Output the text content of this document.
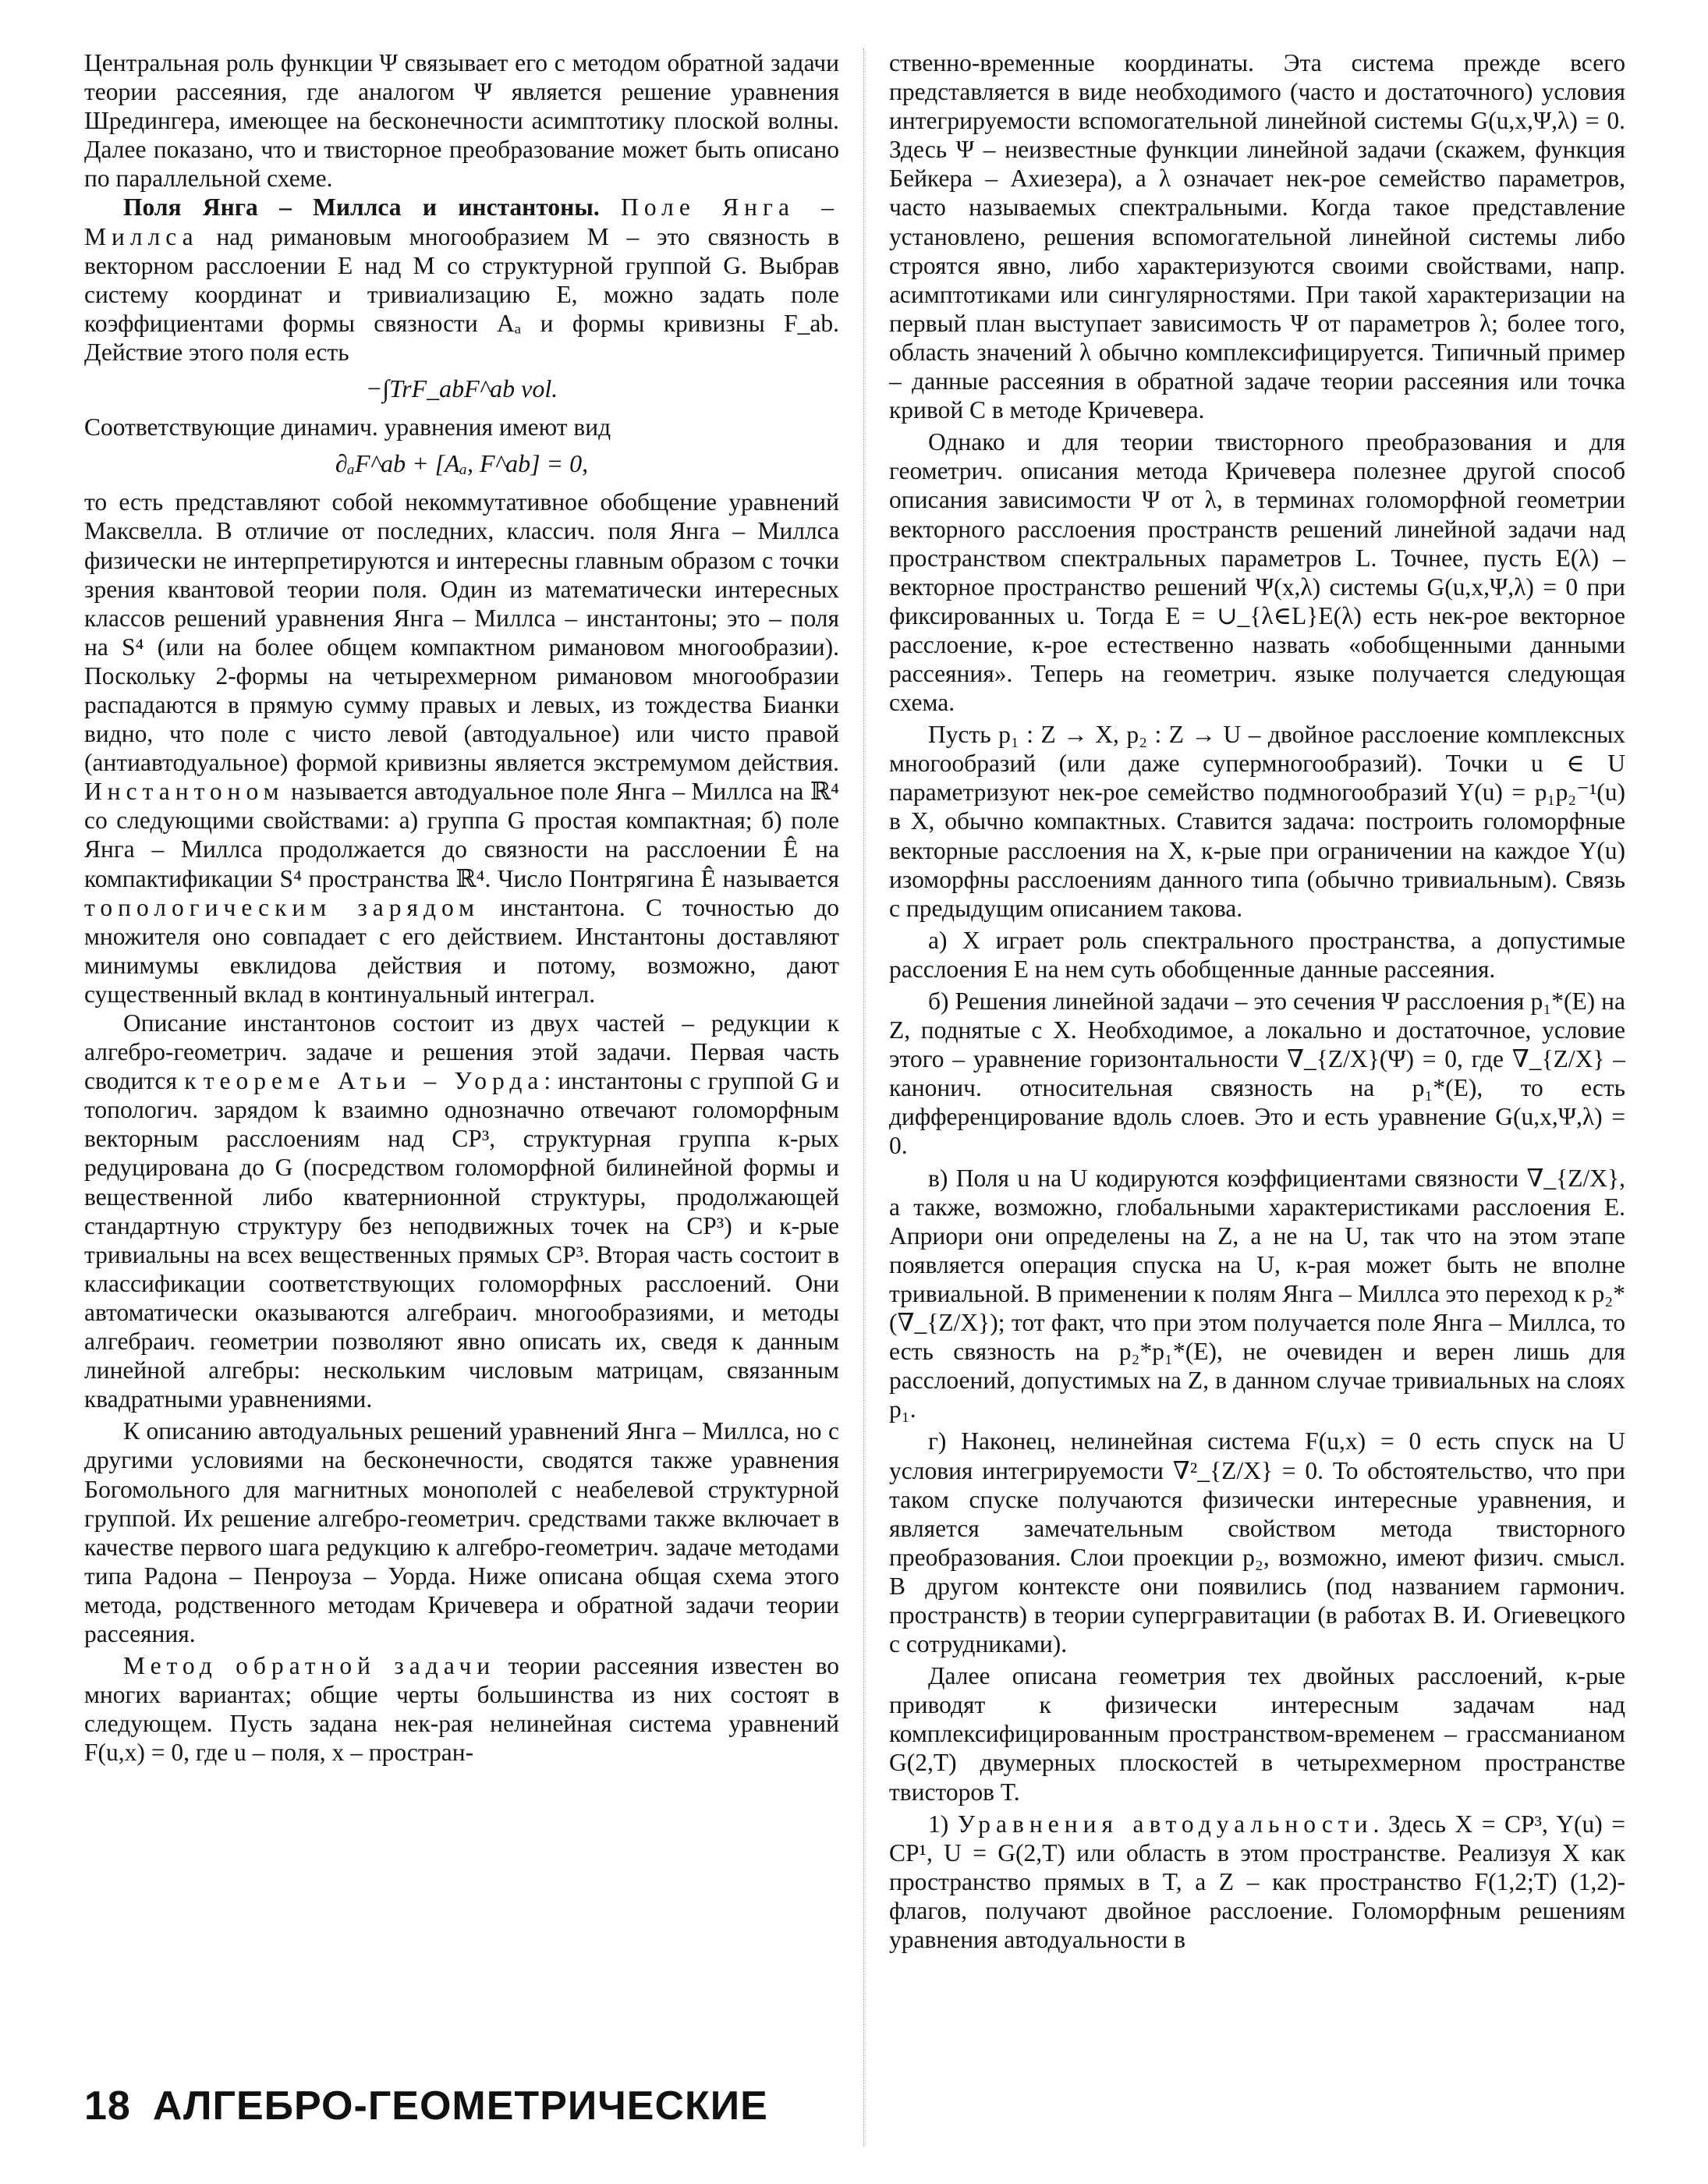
Центральная роль функции Ψ связывает его с методом обратной задачи теории рассеяния, где аналогом Ψ является решение уравнения Шредингера, имеющее на бесконечности асимптотику плоской волны. Далее показано, что и твисторное преобразование может быть описано по параллельной схеме.

Поля Янга – Миллса и инстантоны. Поле Янга – Миллса над римановым многообразием M – это связность в векторном расслоении E над M со структурной группой G. Выбрав систему координат и тривиализацию E, можно задать поле коэффициентами формы связности Aₐ и формы кривизны F_ab. Действие этого поля есть

−∫TrF_abF^ab vol.

Соответствующие динамич. уравнения имеют вид

∂ₐF^ab + [Aₐ, F^ab] = 0,

то есть представляют собой некоммутативное обобщение уравнений Максвелла. В отличие от последних, классич. поля Янга – Миллса физически не интерпретируются и интересны главным образом с точки зрения квантовой теории поля. Один из математически интересных классов решений уравнения Янга – Миллса – инстантоны; это – поля на S⁴ (или на более общем компактном римановом многообразии). Поскольку 2-формы на четырехмерном римановом многообразии распадаются в прямую сумму правых и левых, из тождества Бианки видно, что поле с чисто левой (автодуальное) или чисто правой (антиавтодуальное) формой кривизны является экстремумом действия. Инстантоном называется автодуальное поле Янга – Миллса на ℝ⁴ со следующими свойствами: а) группа G простая компактная; б) поле Янга – Миллса продолжается до связности на расслоении Ê на компактификации S⁴ пространства ℝ⁴. Число Понтрягина Ê называется топологическим зарядом инстантона. С точностью до множителя оно совпадает с его действием. Инстантоны доставляют минимумы евклидова действия и потому, возможно, дают существенный вклад в континуальный интеграл.

Описание инстантонов состоит из двух частей – редукции к алгебро-геометрич. задаче и решения этой задачи. Первая часть сводится к теореме Атьи – Уорда: инстантоны с группой G и топологич. зарядом k взаимно однозначно отвечают голоморфным векторным расслоениям над CP³, структурная группа к-рых редуцирована до G (посредством голоморфной билинейной формы и вещественной либо кватернионной структуры, продолжающей стандартную структуру без неподвижных точек на CP³) и к-рые тривиальны на всех вещественных прямых CP³. Вторая часть состоит в классификации соответствующих голоморфных расслоений. Они автоматически оказываются алгебраич. многообразиями, и методы алгебраич. геометрии позволяют явно описать их, сведя к данным линейной алгебры: нескольким числовым матрицам, связанным квадратными уравнениями.

К описанию автодуальных решений уравнений Янга – Миллса, но с другими условиями на бесконечности, сводятся также уравнения Богомольного для магнитных монополей с неабелевой структурной группой. Их решение алгебро-геометрич. средствами также включает в качестве первого шага редукцию к алгебро-геометрич. задаче методами типа Радона – Пенроуза – Уорда. Ниже описана общая схема этого метода, родственного методам Кричевера и обратной задачи теории рассеяния.

Метод обратной задачи теории рассеяния известен во многих вариантах; общие черты большинства из них состоят в следующем. Пусть задана нек-рая нелинейная система уравнений F(u,x) = 0, где u – поля, x – простран-

ственно-временные координаты. Эта система прежде всего представляется в виде необходимого (часто и достаточного) условия интегрируемости вспомогательной линейной системы G(u,x,Ψ,λ) = 0. Здесь Ψ – неизвестные функции линейной задачи (скажем, функция Бейкера – Ахиезера), а λ означает нек-рое семейство параметров, часто называемых спектральными. Когда такое представление установлено, решения вспомогательной линейной системы либо строятся явно, либо характеризуются своими свойствами, напр. асимптотиками или сингулярностями. При такой характеризации на первый план выступает зависимость Ψ от параметров λ; более того, область значений λ обычно комплексифицируется. Типичный пример – данные рассеяния в обратной задаче теории рассеяния или точка кривой C в методе Кричевера.

Однако и для теории твисторного преобразования и для геометрич. описания метода Кричевера полезнее другой способ описания зависимости Ψ от λ, в терминах голоморфной геометрии векторного расслоения пространств решений линейной задачи над пространством спектральных параметров L. Точнее, пусть E(λ) – векторное пространство решений Ψ(x,λ) системы G(u,x,Ψ,λ) = 0 при фиксированных u. Тогда E = ∪_{λ∈L}E(λ) есть нек-рое векторное расслоение, к-рое естественно назвать «обобщенными данными рассеяния». Теперь на геометрич. языке получается следующая схема.

Пусть p₁ : Z → X, p₂ : Z → U – двойное расслоение комплексных многообразий (или даже супермногообразий). Точки u ∈ U параметризуют нек-рое семейство подмногообразий Y(u) = p₁p₂⁻¹(u) в X, обычно компактных. Ставится задача: построить голоморфные векторные расслоения на X, к-рые при ограничении на каждое Y(u) изоморфны расслоениям данного типа (обычно тривиальным). Связь с предыдущим описанием такова.

а) X играет роль спектрального пространства, а допустимые расслоения E на нем суть обобщенные данные рассеяния.

б) Решения линейной задачи – это сечения Ψ расслоения p₁*(E) на Z, поднятые с X. Необходимое, а локально и достаточное, условие этого – уравнение горизонтальности ∇_{Z/X}(Ψ) = 0, где ∇_{Z/X} – канонич. относительная связность на p₁*(E), то есть дифференцирование вдоль слоев. Это и есть уравнение G(u,x,Ψ,λ) = 0.

в) Поля u на U кодируются коэффициентами связности ∇_{Z/X}, а также, возможно, глобальными характеристиками расслоения E. Априори они определены на Z, а не на U, так что на этом этапе появляется операция спуска на U, к-рая может быть не вполне тривиальной. В применении к полям Янга – Миллса это переход к p₂*(∇_{Z/X}); тот факт, что при этом получается поле Янга – Миллса, то есть связность на p₂*p₁*(E), не очевиден и верен лишь для расслоений, допустимых на Z, в данном случае тривиальных на слоях p₁.

г) Наконец, нелинейная система F(u,x) = 0 есть спуск на U условия интегрируемости ∇²_{Z/X} = 0. То обстоятельство, что при таком спуске получаются физически интересные уравнения, и является замечательным свойством метода твисторного преобразования. Слои проекции p₂, возможно, имеют физич. смысл. В другом контексте они появились (под названием гармонич. пространств) в теории супергравитации (в работах В. И. Огиевецкого с сотрудниками).

Далее описана геометрия тех двойных расслоений, к-рые приводят к физически интересным задачам над комплексифицированным пространством-временем – грассманианом G(2,T) двумерных плоскостей в четырехмерном пространстве твисторов T.

1) Уравнения автодуальности. Здесь X = CP³, Y(u) = CP¹, U = G(2,T) или область в этом пространстве. Реализуя X как пространство прямых в T, а Z – как пространство F(1,2;T) (1,2)-флагов, получают двойное расслоение. Голоморфным решениям уравнения автодуальности в

18 АЛГЕБРО-ГЕОМЕТРИЧЕСКИЕ
